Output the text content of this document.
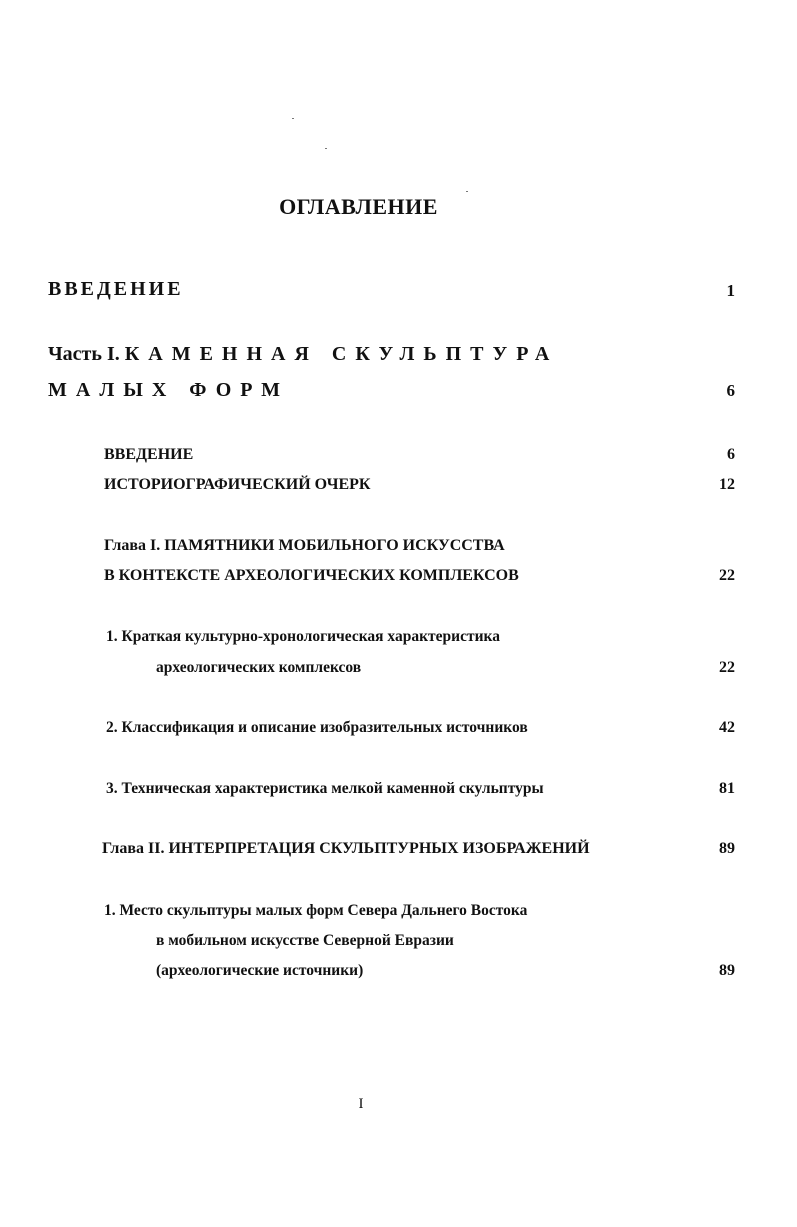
ОГЛАВЛЕНИЕ
ВВЕДЕНИЕ	1
Часть I. КАМЕННАЯ СКУЛЬПТУРА
МАЛЫХ ФОРМ	6
ВВЕДЕНИЕ	6
ИСТОРИОГРАФИЧЕСКИЙ ОЧЕРК	12
Глава I. ПАМЯТНИКИ МОБИЛЬНОГО ИСКУССТВА
В КОНТЕКСТЕ АРХЕОЛОГИЧЕСКИХ КОМПЛЕКСОВ	22
1. Краткая культурно-хронологическая характеристика
археологических комплексов	22
2. Классификация и описание изобразительных источников	42
3. Техническая характеристика мелкой каменной скульптуры	81
Глава II. ИНТЕРПРЕТАЦИЯ СКУЛЬПТУРНЫХ ИЗОБРАЖЕНИЙ	89
1. Место скульптуры малых форм Севера Дальнего Востока
в мобильном искусстве Северной Евразии
(археологические источники)	89
I
